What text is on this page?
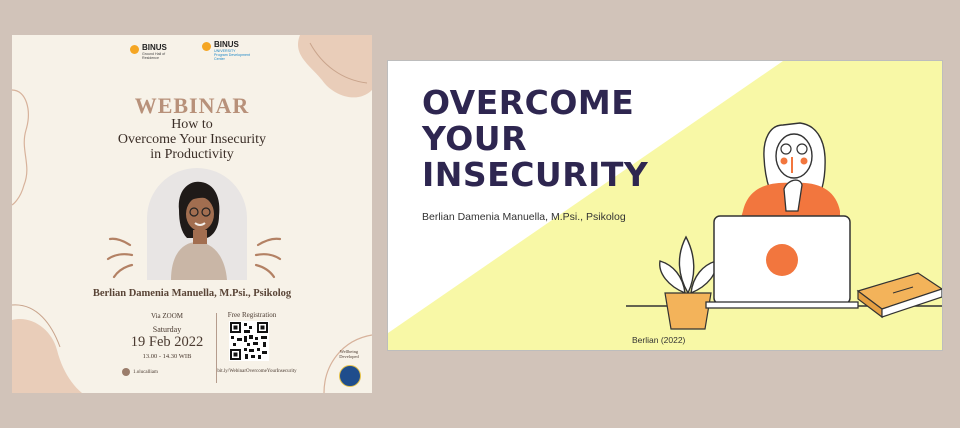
BINUS
Ground Hall of Residence
BINUS
UNIVERSITY
Program Development Center
WEBINAR
How to
Overcome Your Insecurity
in Productivity
Berlian Damenia Manuella, M.Psi., Psikolog
Via ZOOM
Saturday
19 Feb 2022
13.00 - 14.30 WIB
1.olucalliam
Free Registration
bit.ly/WebinarOvercomeYourInsecurity
Wellbeing Developed
OVERCOME
YOUR
INSECURITY
Berlian Damenia Manuella, M.Psi., Psikolog
Berlian (2022)
